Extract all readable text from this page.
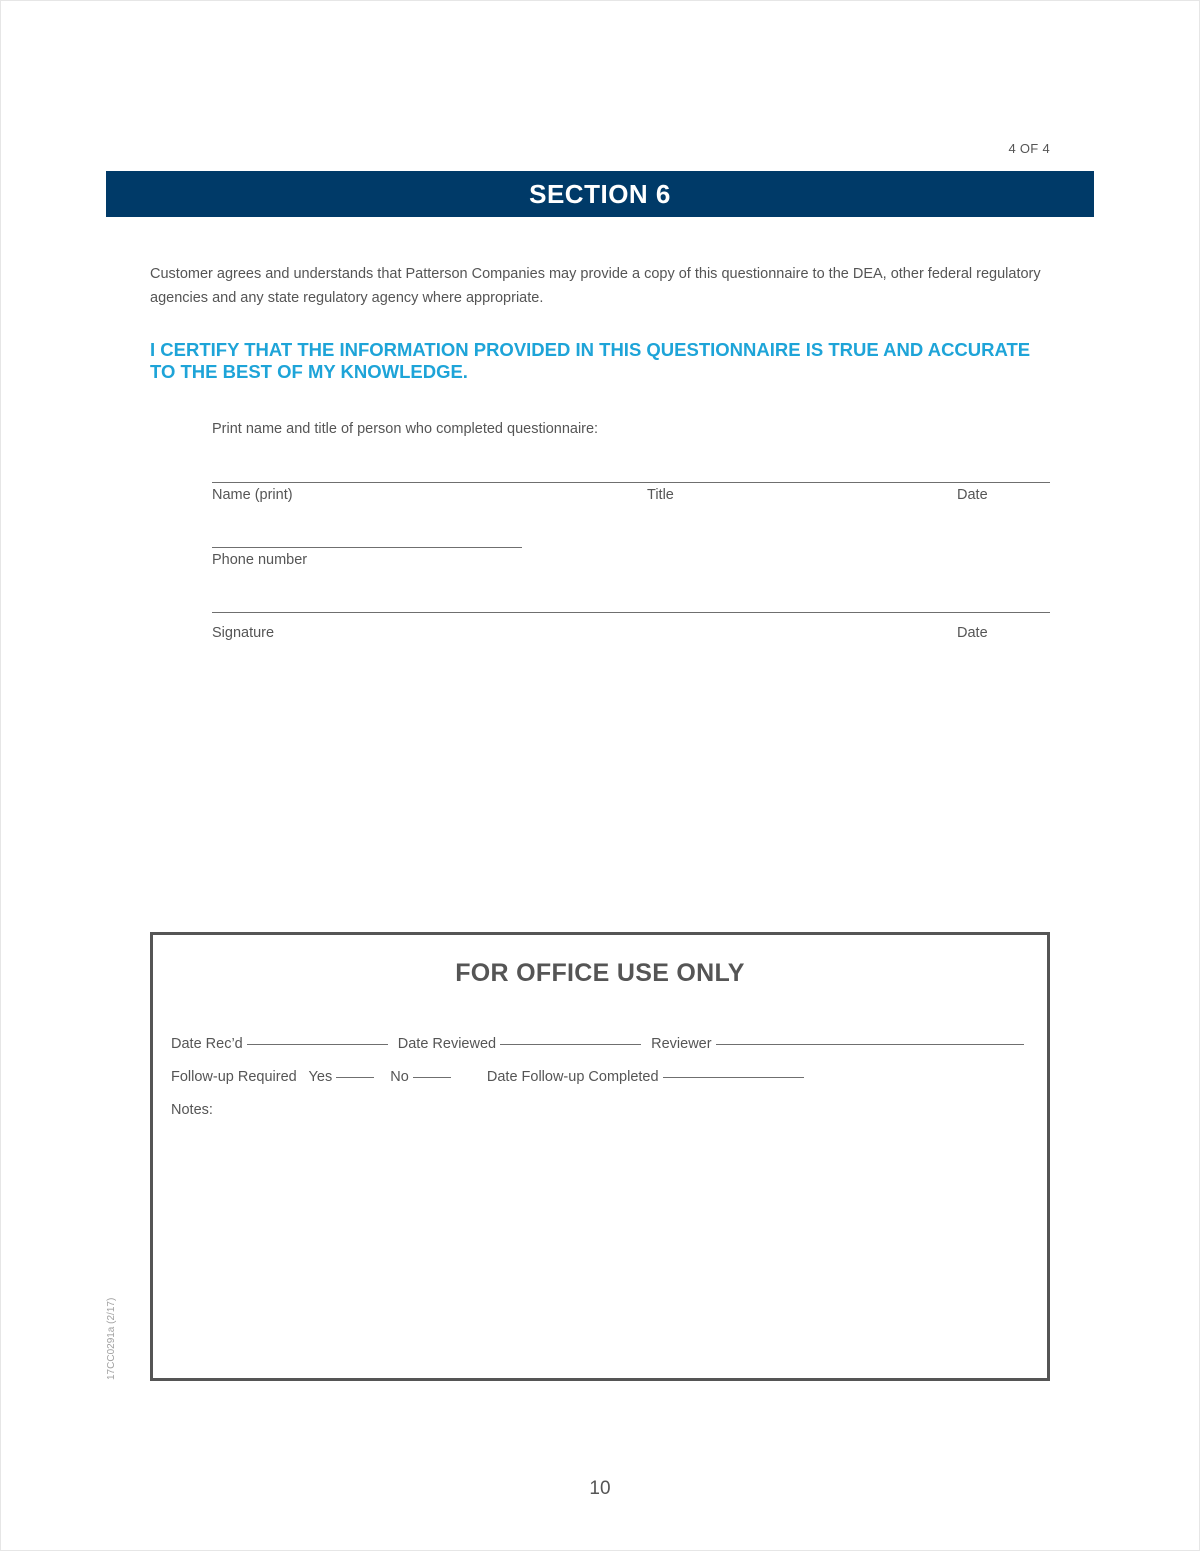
4 OF 4
SECTION 6
Customer agrees and understands that Patterson Companies may provide a copy of this questionnaire to the DEA, other federal regulatory agencies and any state regulatory agency where appropriate.
I CERTIFY THAT THE INFORMATION PROVIDED IN THIS QUESTIONNAIRE IS TRUE AND ACCURATE TO THE BEST OF MY KNOWLEDGE.
Print name and title of person who completed questionnaire:
Name (print)	Title	Date
Phone number
Signature	Date
FOR OFFICE USE ONLY
Date Rec’d	Date Reviewed	Reviewer
Follow-up Required Yes	No	Date Follow-up Completed
Notes:
17CC0291a (2/17)
10
